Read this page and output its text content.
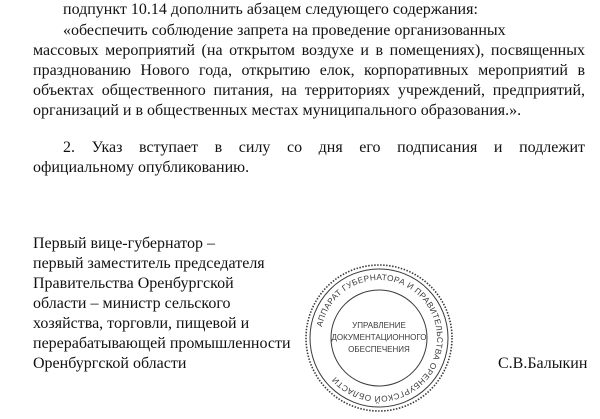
подпункт 10.14 дополнить абзацем следующего содержания:
«обеспечить соблюдение запрета на проведение организованных
массовых мероприятий (на открытом воздухе и в помещениях), посвященных
празднованию Нового года, открытию елок, корпоративных мероприятий в
объектах общественного питания, на территориях учреждений, предприятий,
организаций и в общественных местах муниципального образования.».
2. Указ вступает в силу со дня его подписания и подлежит
официальному опубликованию.
Первый вице-губернатор –
первый заместитель председателя
Правительства Оренбургской
области – министр сельского
хозяйства, торговли, пищевой и
перерабатывающей промышленности
Оренбургской области
АППАРАТ ГУБЕРНАТОРА И ПРАВИТЕЛЬСТВА ОРЕНБУРГСКОЙ ОБЛАСТИ
УПРАВЛЕНИЕ
ДОКУМЕНТАЦИОННОГО
ОБЕСПЕЧЕНИЯ
С.В.Балыкин
